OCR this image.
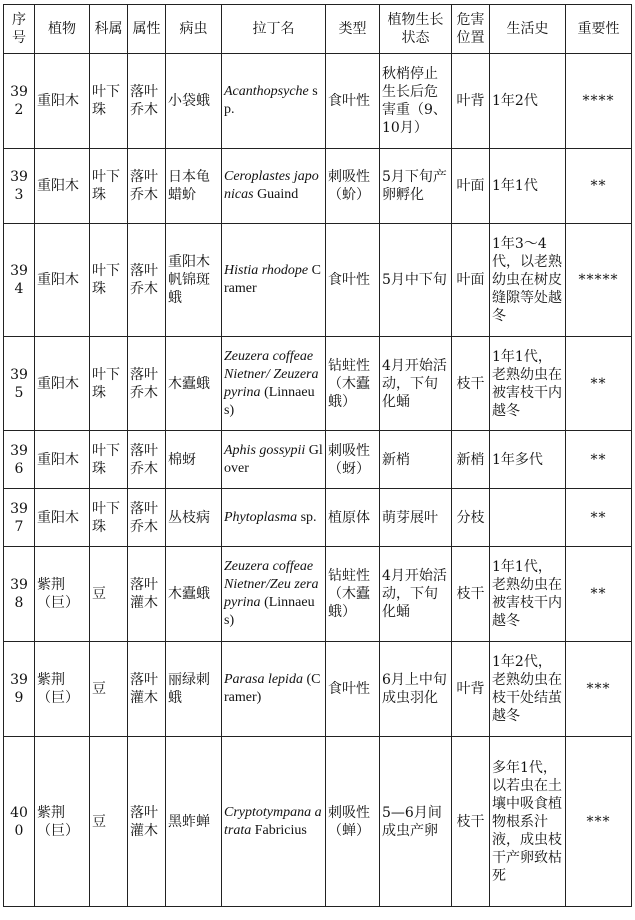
序号	植物	科属	属性	病虫	拉丁名	类型	植物生长状态	危害位置	生活史	重要性
392	重阳木	叶下珠	落叶乔木	小袋蛾	Acanthopsyche sp.	食叶性	秋梢停止生长后危害重（9、10月）	叶背	1年2代	****
393	重阳木	叶下珠	落叶乔木	日本龟蜡蚧	Ceroplastes japonicas Guaind	刺吸性（蚧）	5月下旬产卵孵化	叶面	1年1代	**
394	重阳木	叶下珠	落叶乔木	重阳木帆锦斑蛾	Histia rhodope Cramer	食叶性	5月中下旬	叶面	1年3～4代，以老熟幼虫在树皮缝隙等处越冬	*****
395	重阳木	叶下珠	落叶乔木	木蠹蛾	Zeuzera coffeae Nietner/ Zeuzera pyrina (Linnaeus)	钻蛀性（木蠹蛾）	4月开始活动，下旬化蛹	枝干	1年1代，老熟幼虫在被害枝干内越冬	**
396	重阳木	叶下珠	落叶乔木	棉蚜	Aphis gossypii Glover	刺吸性（蚜）	新梢	新梢	1年多代	**
397	重阳木	叶下珠	落叶乔木	丛枝病	Phytoplasma sp.	植原体	萌芽展叶	分枝		**
398	紫荆（巨）	豆	落叶灌木	木蠹蛾	Zeuzera coffeae Nietner/Zeu zera pyrina (Linnaeus)	钻蛀性（木蠹蛾）	4月开始活动，下旬化蛹	枝干	1年1代，老熟幼虫在被害枝干内越冬	**
399	紫荆（巨）	豆	落叶灌木	丽绿刺蛾	Parasa lepida (Cramer)	食叶性	6月上中旬成虫羽化	叶背	1年2代，老熟幼虫在枝干处结茧越冬	***
400	紫荆（巨）	豆	落叶灌木	黑蚱蝉	Cryptotympana atrata Fabricius	刺吸性（蝉）	5—6月间成虫产卵	枝干	多年1代，以若虫在土壤中吸食植物根系汁液，成虫枝干产卵致枯死	***
